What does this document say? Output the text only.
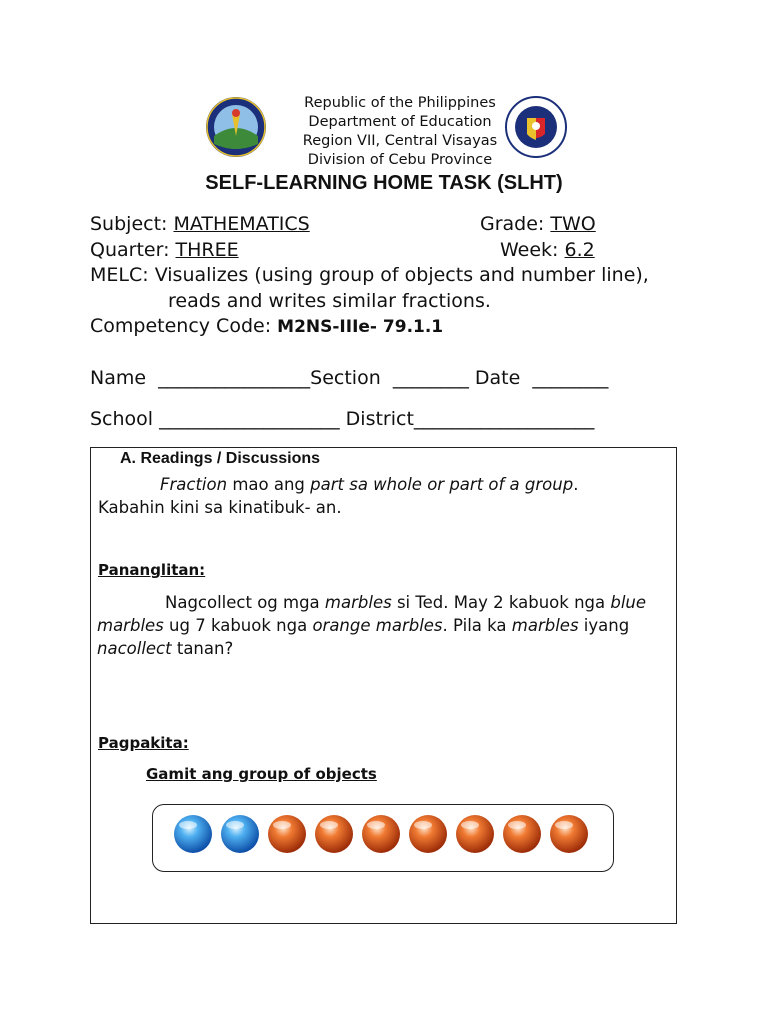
Republic of the Philippines
Department of Education
Region VII, Central Visayas
Division of Cebu Province
SELF-LEARNING HOME TASK (SLHT)
Subject: MATHEMATICS	Grade: TWO
Quarter: THREE	Week: 6.2
MELC: Visualizes (using group of objects and number line),
reads and writes similar fractions.
Competency Code: M2NS-IIIe- 79.1.1
Name ________________Section ________ Date ________
School ___________________ District___________________
A. Readings / Discussions
Fraction mao ang part sa whole or part of a group.
Kabahin kini sa kinatibuk- an.
Pananglitan:
Nagcollect og mga marbles si Ted. May 2 kabuok nga blue
marbles ug 7 kabuok nga orange marbles. Pila ka marbles iyang
nacollect tanan?
Pagpakita:
Gamit ang group of objects
